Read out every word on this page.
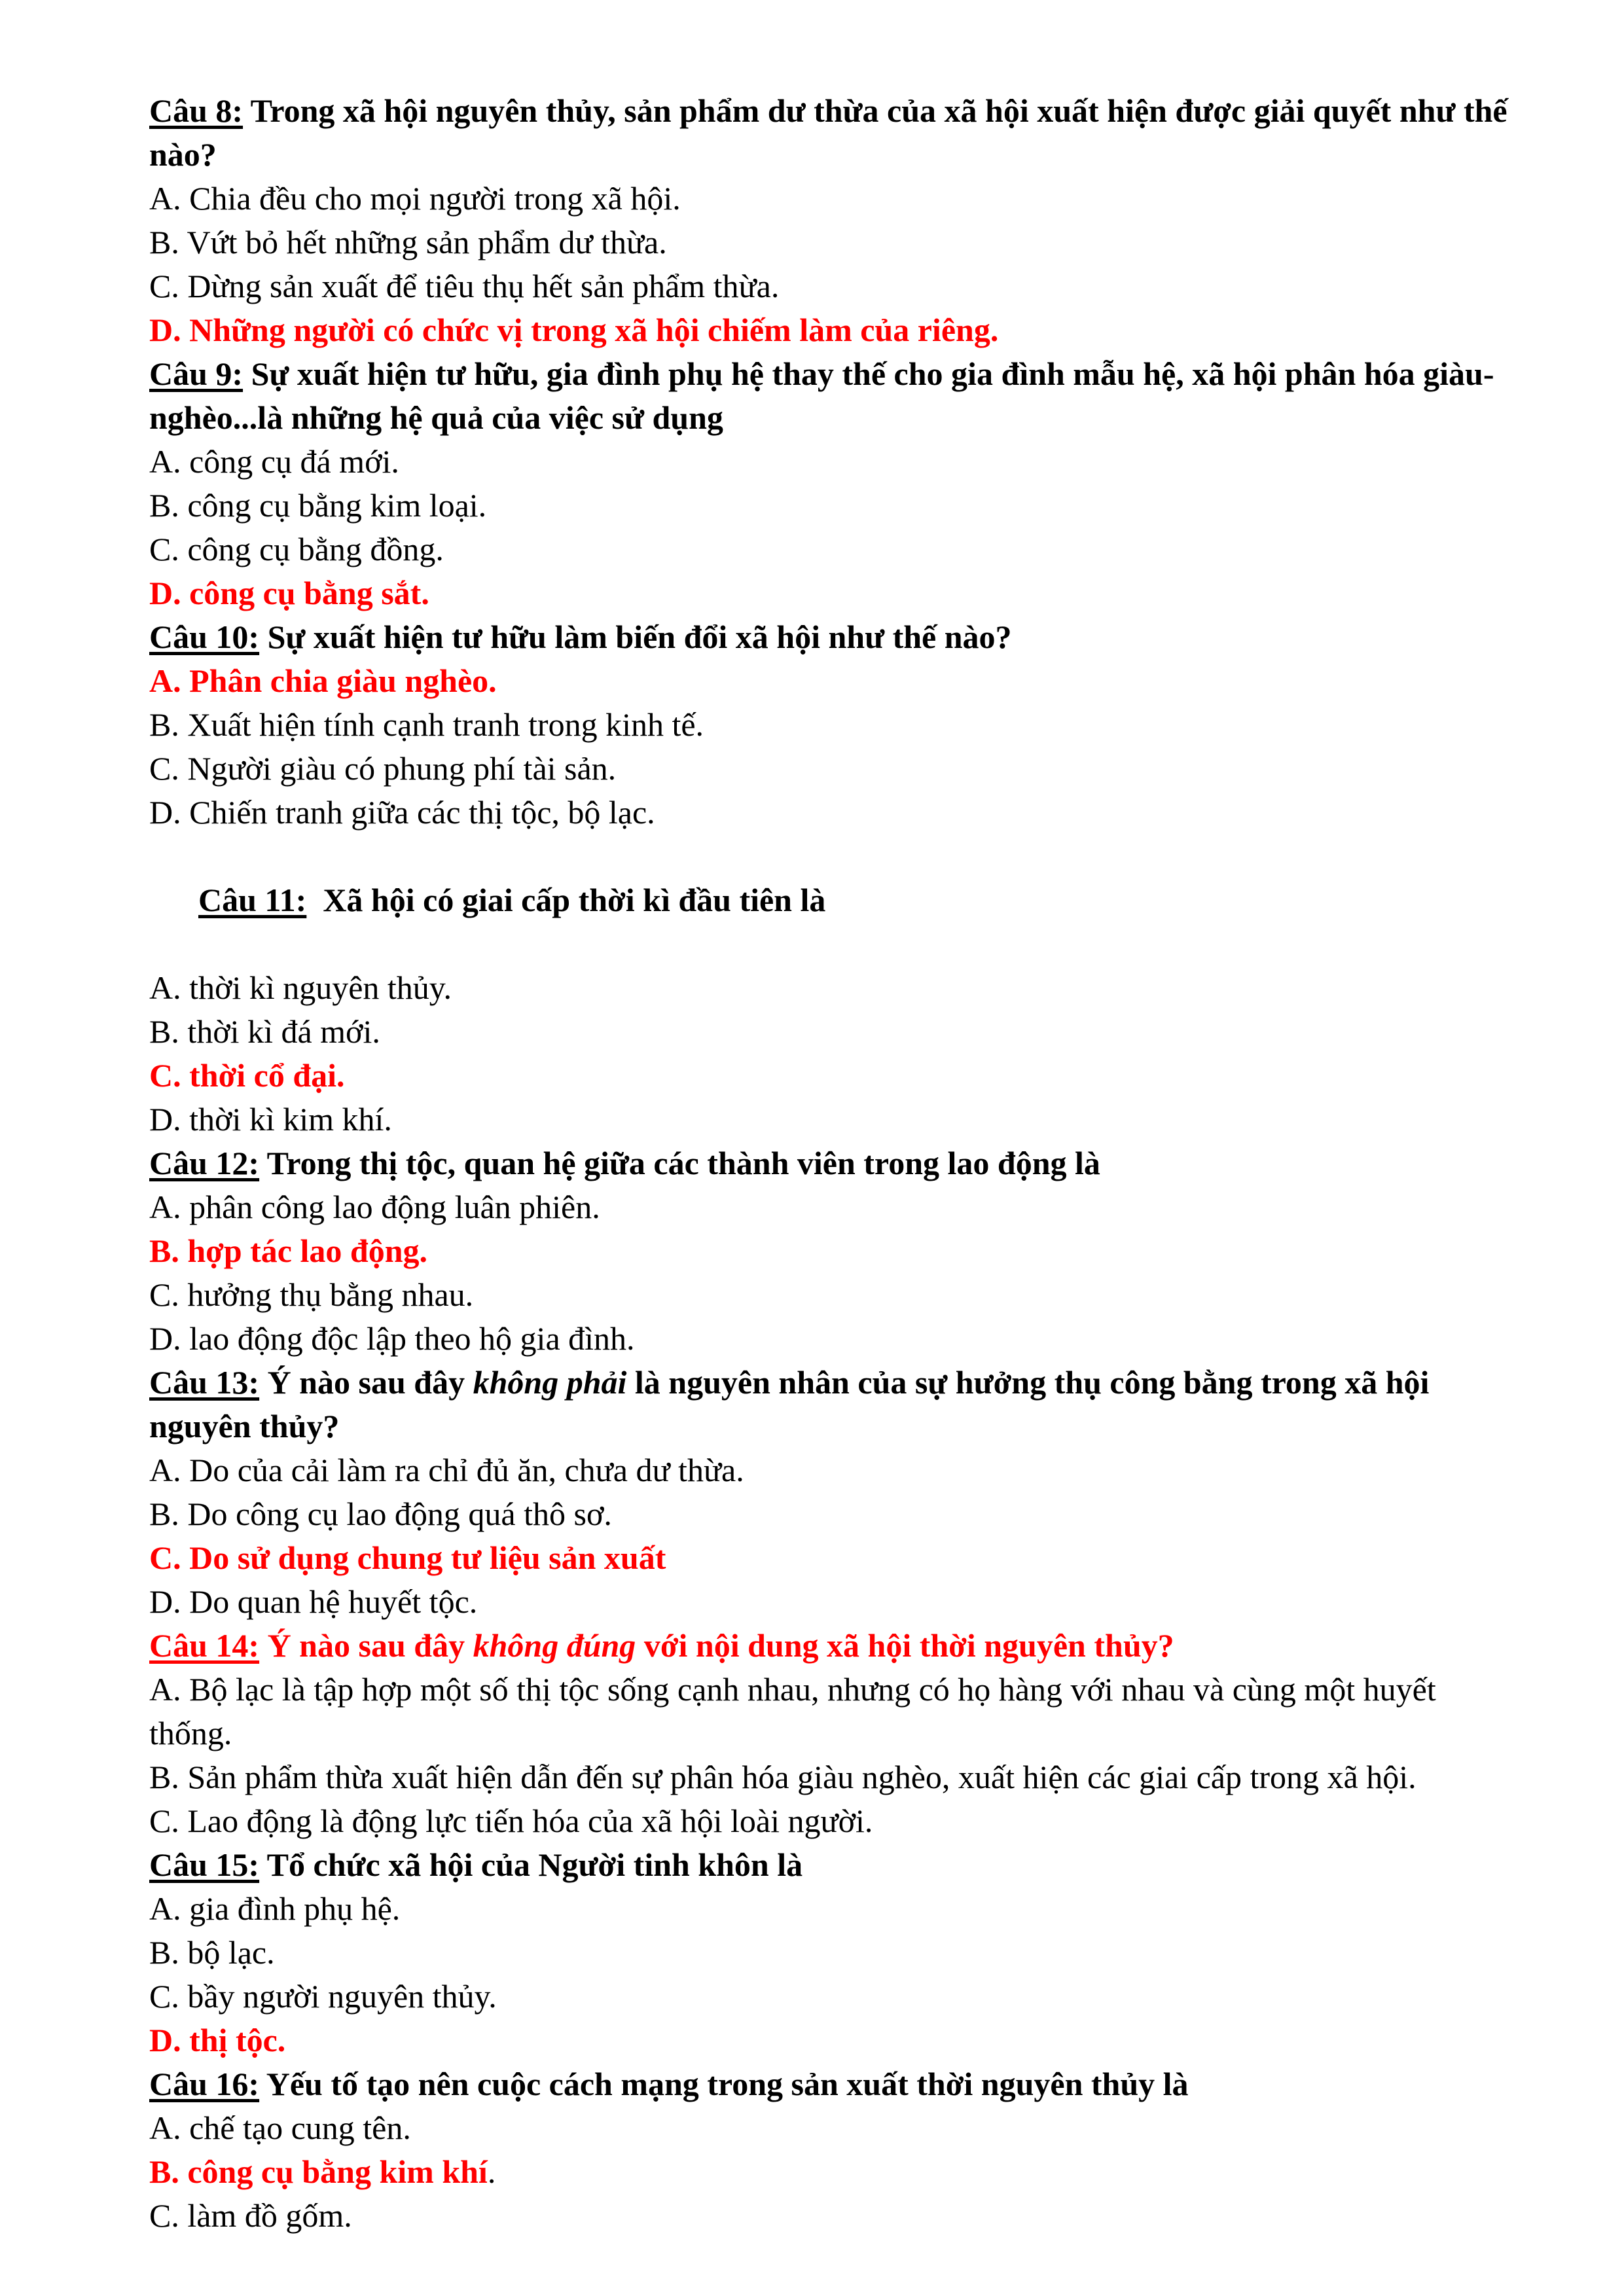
Câu 8: Trong xã hội nguyên thủy, sản phẩm dư thừa của xã hội xuất hiện được giải quyết như thế nào?
A. Chia đều cho mọi người trong xã hội.
B. Vứt bỏ hết những sản phẩm dư thừa.
C. Dừng sản xuất để tiêu thụ hết sản phẩm thừa.
D. Những người có chức vị trong xã hội chiếm làm của riêng.
Câu 9: Sự xuất hiện tư hữu, gia đình phụ hệ thay thế cho gia đình mẫu hệ, xã hội phân hóa giàu-nghèo...là những hệ quả của việc sử dụng
A. công cụ đá mới.
B. công cụ bằng kim loại.
C. công cụ bằng đồng.
D. công cụ bằng sắt.
Câu 10: Sự xuất hiện tư hữu làm biến đổi xã hội như thế nào?
A. Phân chia giàu nghèo.
B. Xuất hiện tính cạnh tranh trong kinh tế.
C. Người giàu có phung phí tài sản.
D. Chiến tranh giữa các thị tộc, bộ lạc.

Câu 11:  Xã hội có giai cấp thời kì đầu tiên là

A. thời kì nguyên thủy.
B. thời kì đá mới.
C. thời cổ đại.
D. thời kì kim khí.
Câu 12: Trong thị tộc, quan hệ giữa các thành viên trong lao động là
A. phân công lao động luân phiên.
B. hợp tác lao động.
C. hưởng thụ bằng nhau.
D. lao động độc lập theo hộ gia đình.
Câu 13: Ý nào sau đây không phải là nguyên nhân của sự hưởng thụ công bằng trong xã hội nguyên thủy?
A. Do của cải làm ra chỉ đủ ăn, chưa dư thừa.
B. Do công cụ lao động quá thô sơ.
C. Do sử dụng chung tư liệu sản xuất
D. Do quan hệ huyết tộc.
Câu 14: Ý nào sau đây không đúng với nội dung xã hội thời nguyên thủy?
A. Bộ lạc là tập hợp một số thị tộc sống cạnh nhau, nhưng có họ hàng với nhau và cùng một huyết thống.
B. Sản phẩm thừa xuất hiện dẫn đến sự phân hóa giàu nghèo, xuất hiện các giai cấp trong xã hội.
C. Lao động là động lực tiến hóa của xã hội loài người.
Câu 15: Tổ chức xã hội của Người tinh khôn là
A. gia đình phụ hệ.
B. bộ lạc.
C. bầy người nguyên thủy.
D. thị tộc.
Câu 16: Yếu tố tạo nên cuộc cách mạng trong sản xuất thời nguyên thủy là
A. chế tạo cung tên.
B. công cụ bằng kim khí.
C. làm đồ gốm.
